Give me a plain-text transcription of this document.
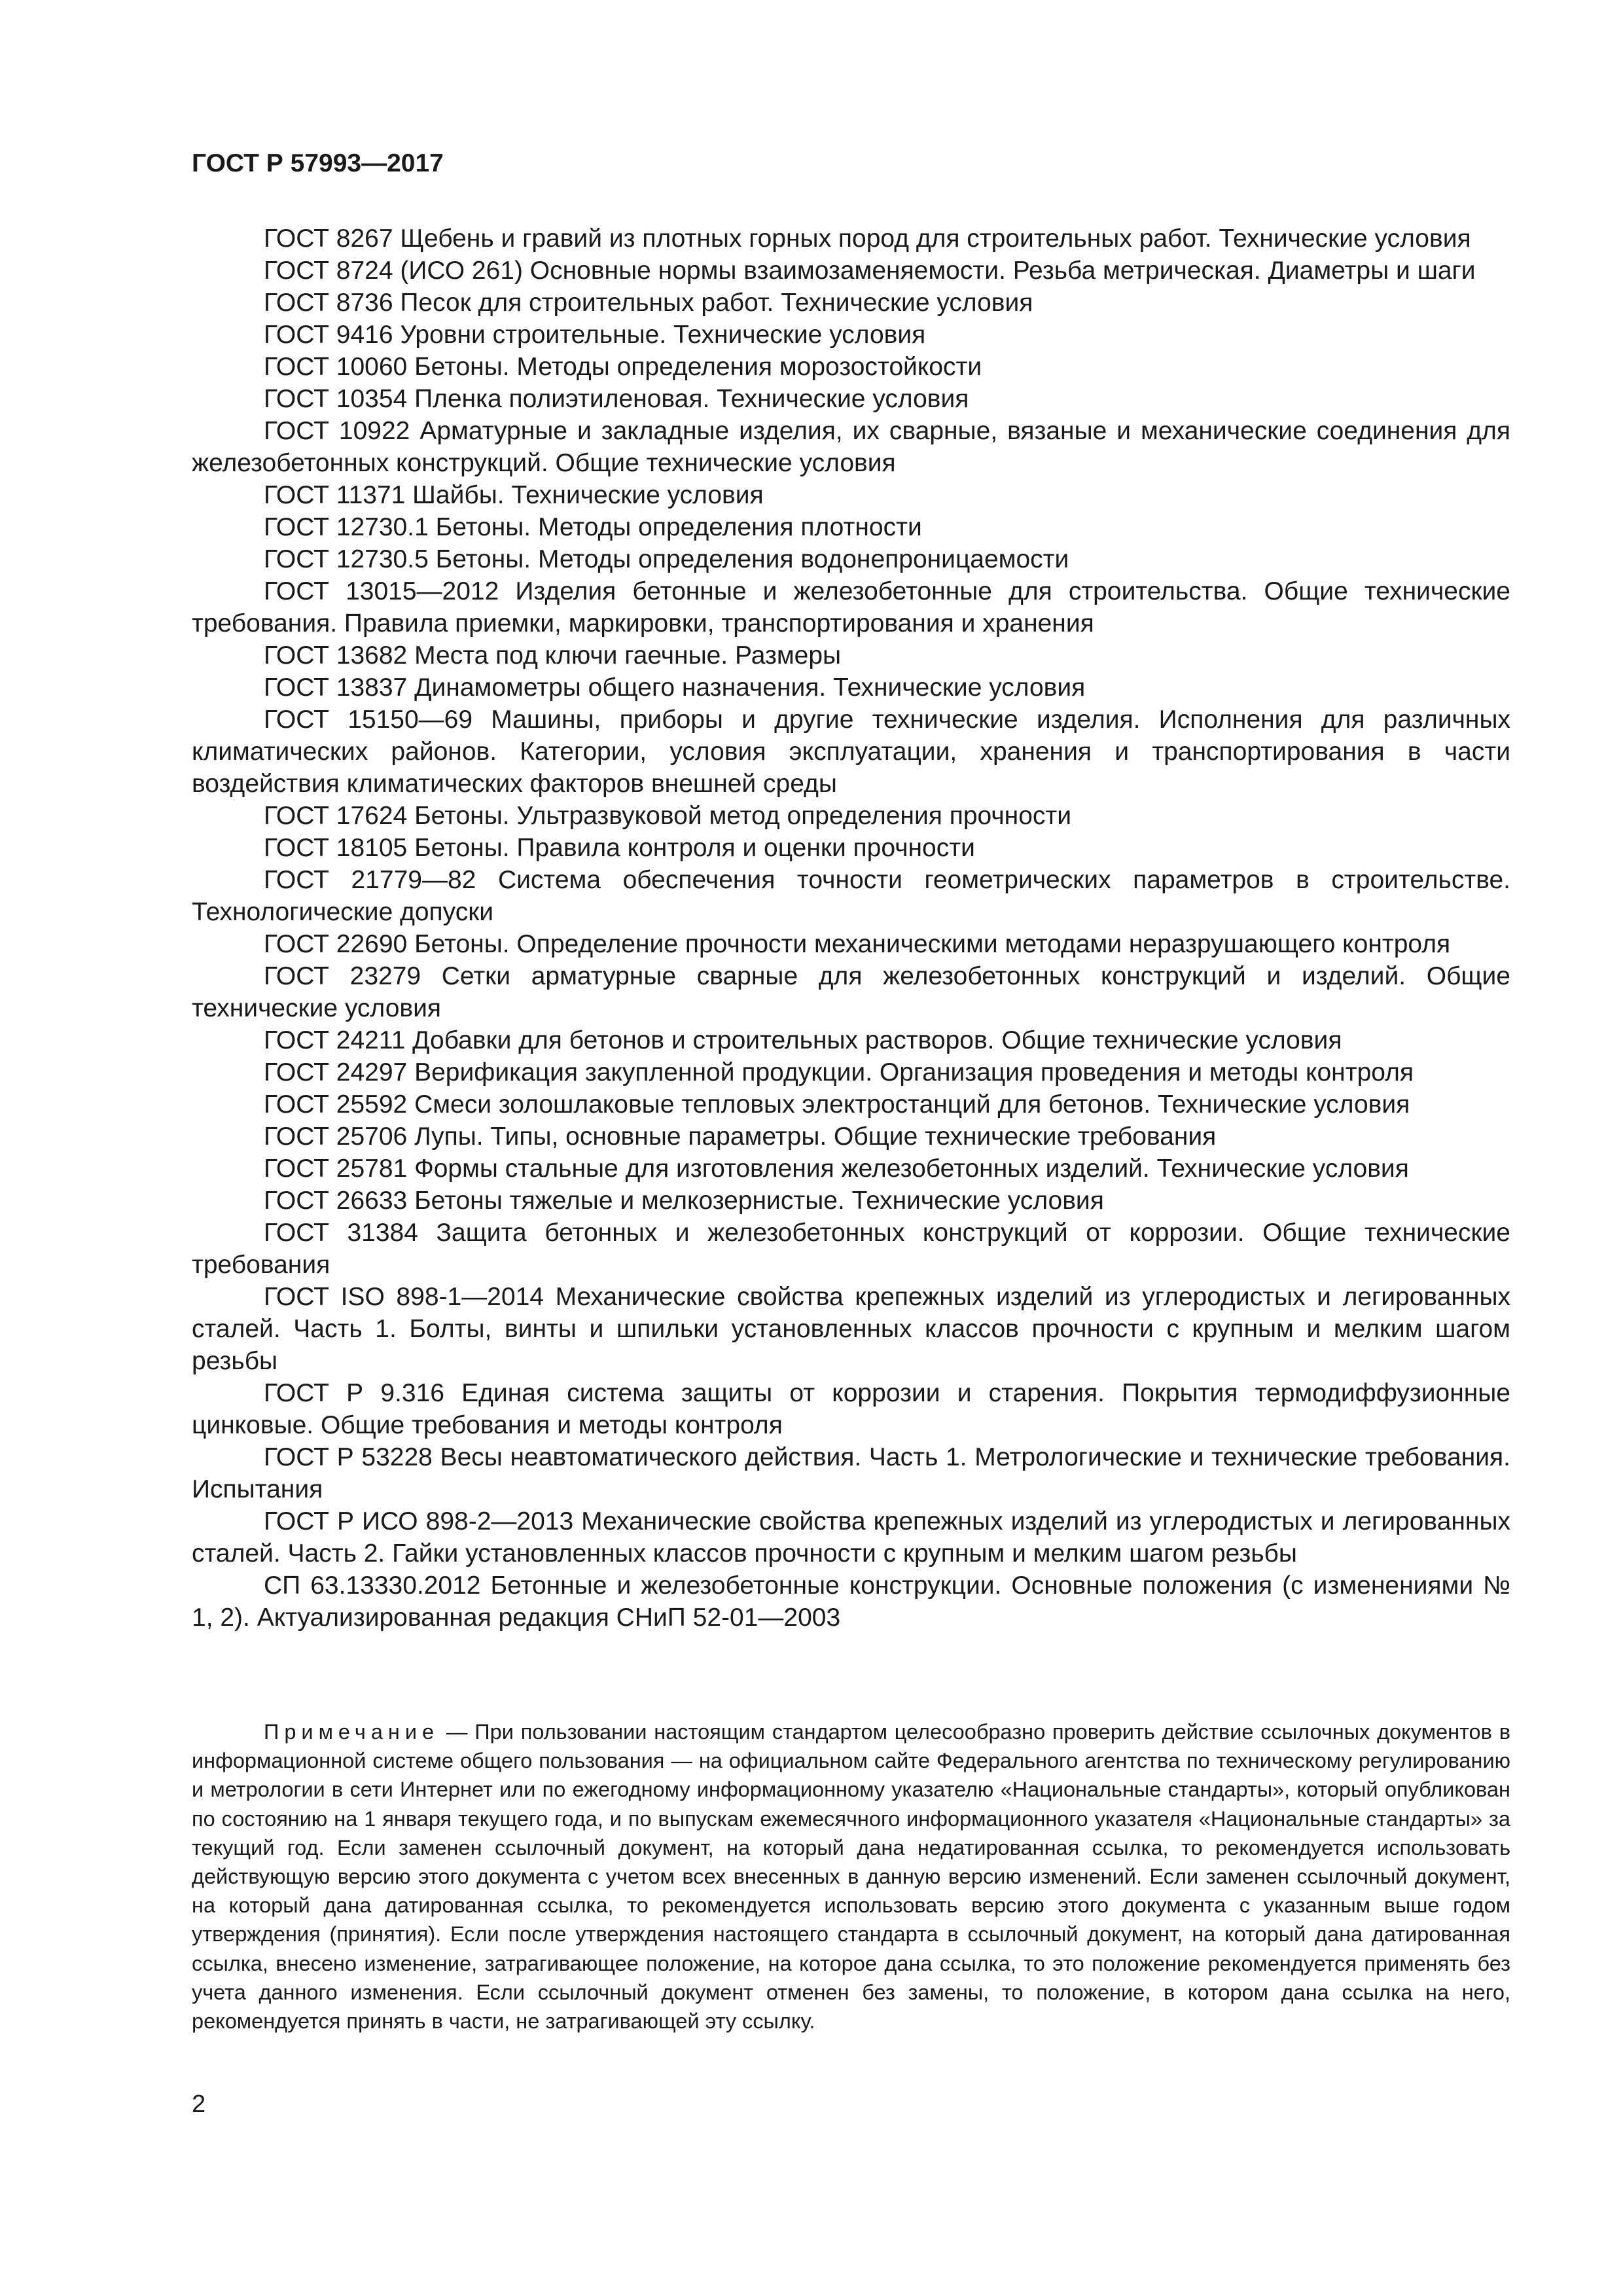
ГОСТ Р 57993—2017

ГОСТ 8267 Щебень и гравий из плотных горных пород для строительных работ. Технические условия

ГОСТ 8724 (ИСО 261) Основные нормы взаимозаменяемости. Резьба метрическая. Диаметры и шаги

ГОСТ 8736 Песок для строительных работ. Технические условия

ГОСТ 9416 Уровни строительные. Технические условия

ГОСТ 10060 Бетоны. Методы определения морозостойкости

ГОСТ 10354 Пленка полиэтиленовая. Технические условия

ГОСТ 10922 Арматурные и закладные изделия, их сварные, вязаные и механические соединения для железобетонных конструкций. Общие технические условия

ГОСТ 11371 Шайбы. Технические условия

ГОСТ 12730.1 Бетоны. Методы определения плотности

ГОСТ 12730.5 Бетоны. Методы определения водонепроницаемости

ГОСТ 13015—2012 Изделия бетонные и железобетонные для строительства. Общие технические требования. Правила приемки, маркировки, транспортирования и хранения

ГОСТ 13682 Места под ключи гаечные. Размеры

ГОСТ 13837 Динамометры общего назначения. Технические условия

ГОСТ 15150—69 Машины, приборы и другие технические изделия. Исполнения для различных климатических районов. Категории, условия эксплуатации, хранения и транспортирования в части воздействия климатических факторов внешней среды

ГОСТ 17624 Бетоны. Ультразвуковой метод определения прочности

ГОСТ 18105 Бетоны. Правила контроля и оценки прочности

ГОСТ 21779—82 Система обеспечения точности геометрических параметров в строительстве. Технологические допуски

ГОСТ 22690 Бетоны. Определение прочности механическими методами неразрушающего контроля

ГОСТ 23279 Сетки арматурные сварные для железобетонных конструкций и изделий. Общие технические условия

ГОСТ 24211 Добавки для бетонов и строительных растворов. Общие технические условия

ГОСТ 24297 Верификация закупленной продукции. Организация проведения и методы контроля

ГОСТ 25592 Смеси золошлаковые тепловых электростанций для бетонов. Технические условия

ГОСТ 25706 Лупы. Типы, основные параметры. Общие технические требования

ГОСТ 25781 Формы стальные для изготовления железобетонных изделий. Технические условия

ГОСТ 26633 Бетоны тяжелые и мелкозернистые. Технические условия

ГОСТ 31384 Защита бетонных и железобетонных конструкций от коррозии. Общие технические требования

ГОСТ ISO 898-1—2014 Механические свойства крепежных изделий из углеродистых и легированных сталей. Часть 1. Болты, винты и шпильки установленных классов прочности с крупным и мелким шагом резьбы

ГОСТ Р 9.316 Единая система защиты от коррозии и старения. Покрытия термодиффузионные цинковые. Общие требования и методы контроля

ГОСТ Р 53228 Весы неавтоматического действия. Часть 1. Метрологические и технические требования. Испытания

ГОСТ Р ИСО 898-2—2013 Механические свойства крепежных изделий из углеродистых и легированных сталей. Часть 2. Гайки установленных классов прочности с крупным и мелким шагом резьбы

СП 63.13330.2012 Бетонные и железобетонные конструкции. Основные положения (с изменениями № 1, 2). Актуализированная редакция СНиП 52-01—2003

Примечание — При пользовании настоящим стандартом целесообразно проверить действие ссылочных документов в информационной системе общего пользования — на официальном сайте Федерального агентства по техническому регулированию и метрологии в сети Интернет или по ежегодному информационному указателю «Национальные стандарты», который опубликован по состоянию на 1 января текущего года, и по выпускам ежемесячного информационного указателя «Национальные стандарты» за текущий год. Если заменен ссылочный документ, на который дана недатированная ссылка, то рекомендуется использовать действующую версию этого документа с учетом всех внесенных в данную версию изменений. Если заменен ссылочный документ, на который дана датированная ссылка, то рекомендуется использовать версию этого документа с указанным выше годом утверждения (принятия). Если после утверждения настоящего стандарта в ссылочный документ, на который дана датированная ссылка, внесено изменение, затрагивающее положение, на которое дана ссылка, то это положение рекомендуется применять без учета данного изменения. Если ссылочный документ отменен без замены, то положение, в котором дана ссылка на него, рекомендуется принять в части, не затрагивающей эту ссылку.

2
